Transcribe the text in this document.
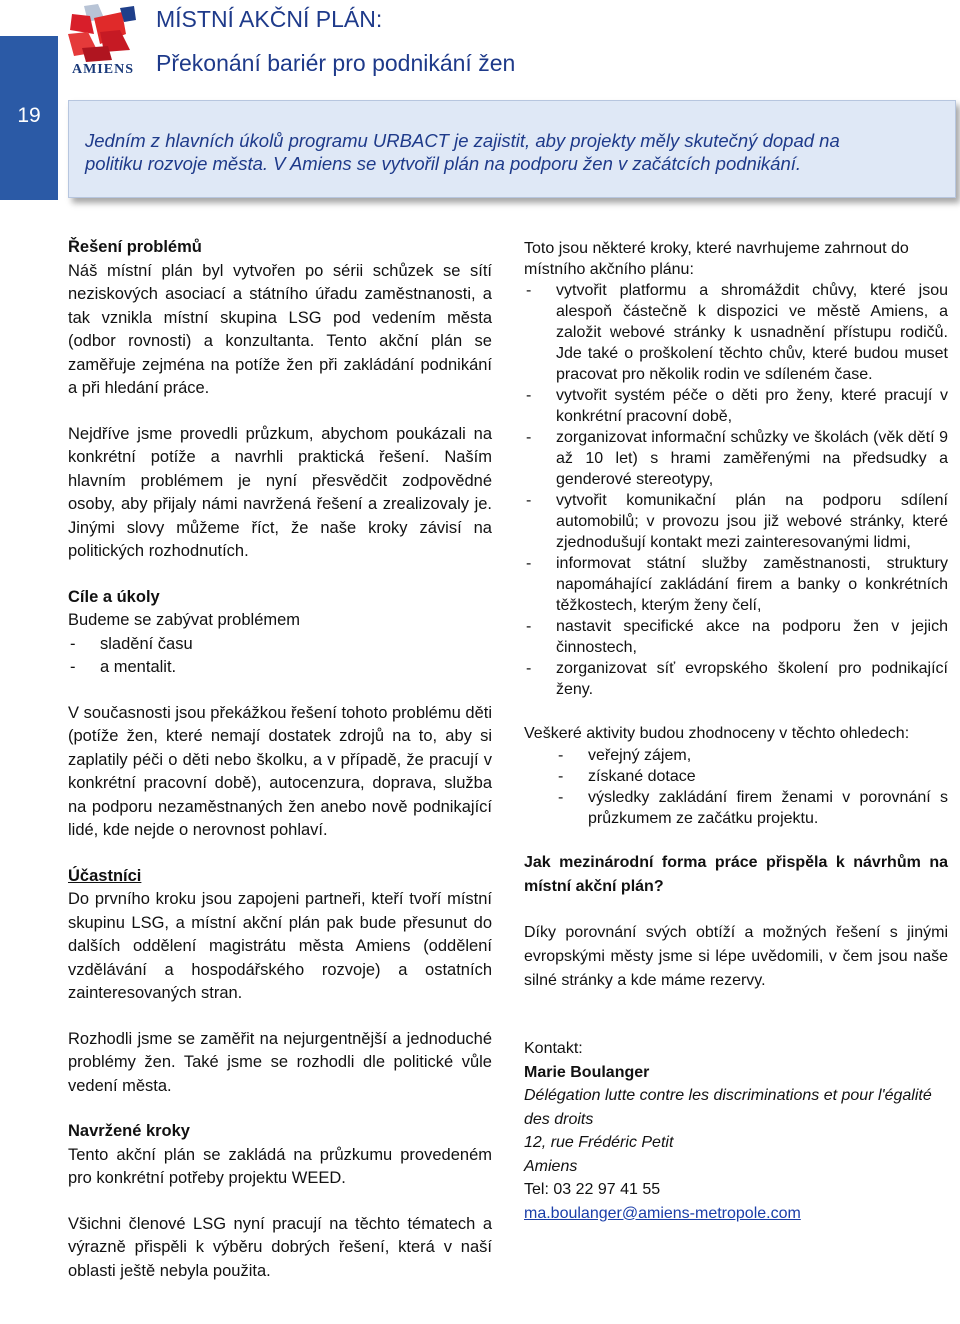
AMIENS
MÍSTNÍ AKČNÍ PLÁN:
Překonání bariér pro podnikání žen
19
Jedním z hlavních úkolů programu URBACT je zajistit, aby projekty měly skutečný dopad na
politiku rozvoje města. V Amiens se vytvořil plán na podporu žen v začátcích podnikání.

Řešení problémů

Náš místní plán byl vytvořen po sérii schůzek se sítí neziskových asociací a státního úřadu zaměstnanosti, a tak vznikla místní skupina LSG pod vedením města (odbor rovnosti) a konzultanta. Tento akční plán se zaměřuje zejména na potíže žen při zakládání podnikání a při hledání práce.

Nejdříve jsme provedli průzkum, abychom poukázali na konkrétní potíže a navrhli praktická řešení. Naším hlavním problémem je nyní přesvědčit zodpovědné osoby, aby přijaly námi navržená řešení a zrealizovaly je. Jinými slovy můžeme říct, že naše kroky závisí na politických rozhodnutích.

Cíle a úkoly

Budeme se zabývat problémem

- sladění času
- a mentalit.

V současnosti jsou překážkou řešení tohoto problému děti (potíže žen, které nemají dostatek zdrojů na to, aby si zaplatily péči o děti nebo školku, a v případě, že pracují v konkrétní pracovní době), autocenzura, doprava, služba na podporu nezaměstnaných žen anebo nově podnikající lidé, kde nejde o nerovnost pohlaví.

Účastníci

Do prvního kroku jsou zapojeni partneři, kteří tvoří místní skupinu LSG, a místní akční plán pak bude přesunut do dalších oddělení magistrátu města Amiens (oddělení vzdělávání a hospodářského rozvoje) a ostatních zainteresovaných stran.

Rozhodli jsme se zaměřit na nejurgentnější a jednoduché problémy žen. Také jsme se rozhodli dle politické vůle vedení města.

Navržené kroky

Tento akční plán se zakládá na průzkumu provedeném pro konkrétní potřeby projektu WEED.

Všichni členové LSG nyní pracují na těchto tématech a výrazně přispěli k výběru dobrých řešení, která v naší oblasti ještě nebyla použita.

Toto jsou některé kroky, které navrhujeme zahrnout do místního akčního plánu:

- vytvořit platformu a shromáždit chůvy, které jsou alespoň částečně k dispozici ve městě Amiens, a založit webové stránky k usnadnění přístupu rodičů. Jde také o proškolení těchto chův, které budou muset pracovat pro několik rodin ve sdíleném čase.
- vytvořit systém péče o děti pro ženy, které pracují v konkrétní pracovní době,
- zorganizovat informační schůzky ve školách (věk dětí 9 až 10 let) s hrami zaměřenými na předsudky a genderové stereotypy,
- vytvořit komunikační plán na podporu sdílení automobilů; v provozu jsou již webové stránky, které zjednodušují kontakt mezi zainteresovanými lidmi,
- informovat státní služby zaměstnanosti, struktury napomáhající zakládání firem a banky o konkrétních těžkostech, kterým ženy čelí,
- nastavit specifické akce na podporu žen v jejich činnostech,
- zorganizovat síť evropského školení pro podnikající ženy.

Veškeré aktivity budou zhodnoceny v těchto ohledech:

- veřejný zájem,
- získané dotace
- výsledky zakládání firem ženami v porovnání s průzkumem ze začátku projektu.

Jak mezinárodní forma práce přispěla k návrhům na místní akční plán?

Díky porovnání svých obtíží a možných řešení s jinými evropskými městy jsme si lépe uvědomili, v čem jsou naše silné stránky a kde máme rezervy.

Kontakt:

Marie Boulanger

Délégation lutte contre les discriminations et pour l'égalité des droits

12, rue Frédéric Petit

Amiens

Tel: 03 22 97 41 55

ma.boulanger@amiens-metropole.com
